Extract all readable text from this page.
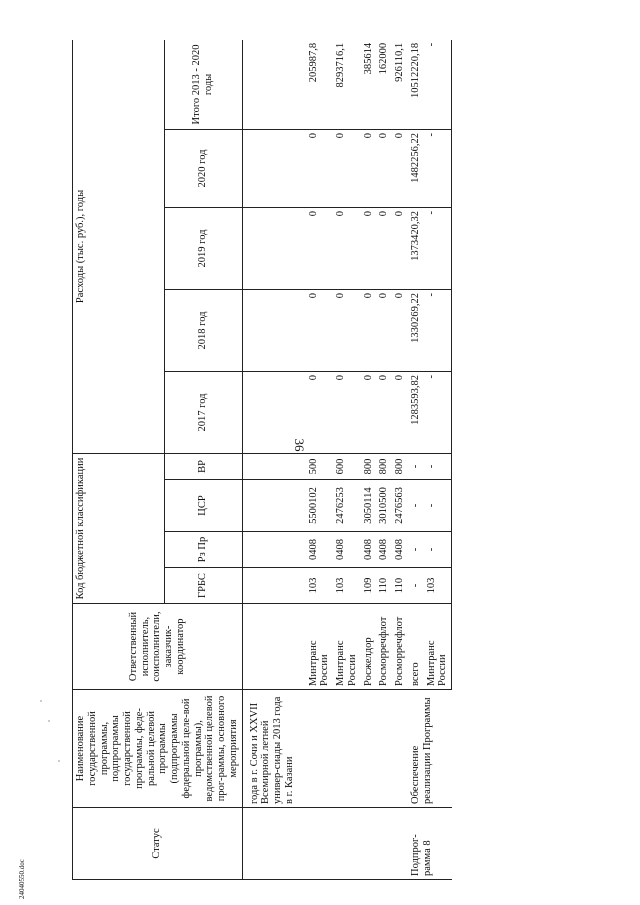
36
24040550.doc
Статус	Наименование государственной программы, подпрограммы государственной программы, феде-ральной целевой программы (подпрограммы федеральной целе-вой программы), ведомственной целевой прог-раммы, основного мероприятия	Ответственный исполнитель, соисполнители, заказчик-координатор	Код бюджетной классификации				Расходы (тыс. руб.), годы				
			ГРБС	Рз Пр	ЦСР	ВР	2017 год	2018 год	2019 год	2020 год	Итого 2013 - 2020 годы
	года в г. Сочи и XXVII Всемирной летней универ-сиады 2013 года в г. Казани										
		Минтранс России	103	0408	5500102	500	0	0	0	0	205987,8
		Минтранс России	103	0408	2476253	600	0	0	0	0	8293716,1
		Росжелдор	109	0408	3050114	800	0	0	0	0	385614
		Росморречфлот	110	0408	3010500	800	0	0	0	0	162000
		Росморречфлот	110	0408	2476563	800	0	0	0	0	926110,1
Подпрог-рамма 8	Обеспечение реализации Программы	всего	-	-	-	-	1283593,82	1330269,22	1373420,32	1482256,22	10512220,18
		Минтранс России	103	-	-	-	-	-	-	-	-
